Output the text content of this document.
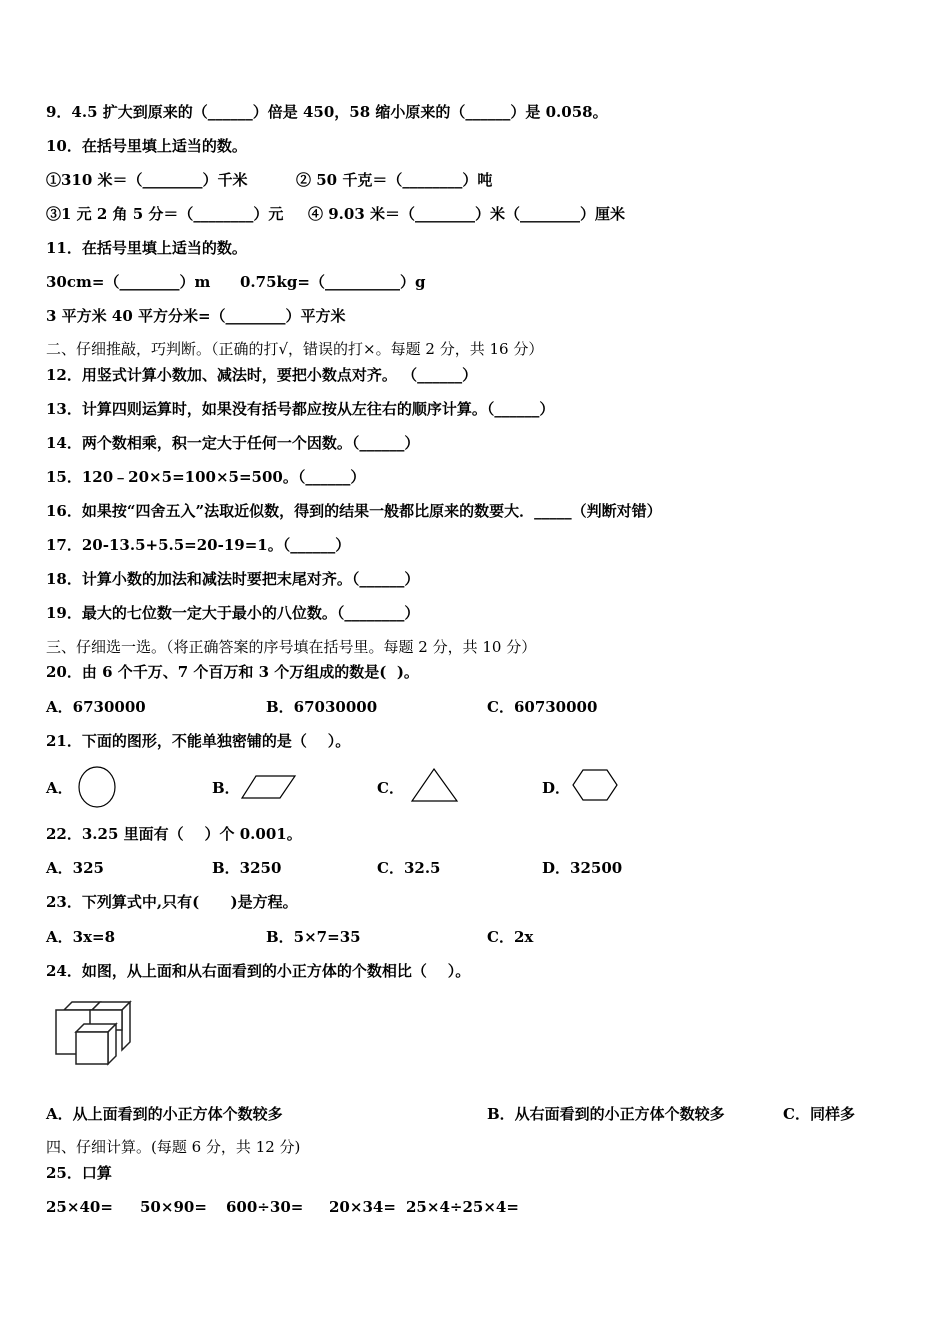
9．4.5 扩大到原来的（______）倍是 450，58 缩小原来的（______）是 0.058。
10．在括号里填上适当的数。
①310 米＝（________）千米	② 50 千克＝（________）吨
③1 元 2 角 5 分＝（________）元 ④ 9.03 米＝（________）米（________）厘米
11．在括号里填上适当的数。
30cm=（________）m 0.75kg=（__________）g
3 平方米 40 平方分米=（________）平方米
二、仔细推敲，巧判断。（正确的打√，错误的打×。每题 2 分，共 16 分）
12．用竖式计算小数加、减法时，要把小数点对齐。 （______）
13．计算四则运算时，如果没有括号都应按从左往右的顺序计算。（______）
14．两个数相乘，积一定大于任何一个因数。（______）
15．120﹣20×5=100×5=500。（______）
16．如果按“四舍五入”法取近似数，得到的结果一般都比原来的数要大．_____（判断对错）
17．20-13.5+5.5=20-19=1。（______）
18．计算小数的加法和减法时要把末尾对齐。（______）
19．最大的七位数一定大于最小的八位数。（________）
三、仔细选一选。（将正确答案的序号填在括号里。每题 2 分，共 10 分）
20．由 6 个千万、7 个百万和 3 个万组成的数是(  )。
A．6730000	B．67030000	C．60730000
21．下面的图形，不能单独密铺的是（    ）。
A．	B．	C．	D．
22．3.25 里面有（    ）个 0.001。
A．325	B．3250	C．32.5	D．32500
23．下列算式中,只有(      )是方程。
A．3x=8	B．5×7=35	C．2x
24．如图，从上面和从右面看到的小正方体的个数相比（    ）。
A．从上面看到的小正方体个数较多	B．从右面看到的小正方体个数较多	C．同样多
四、仔细计算。(每题 6 分，共 12 分)
25．口算
25×40= 50×90= 600÷30= 20×34= 25×4÷25×4=
